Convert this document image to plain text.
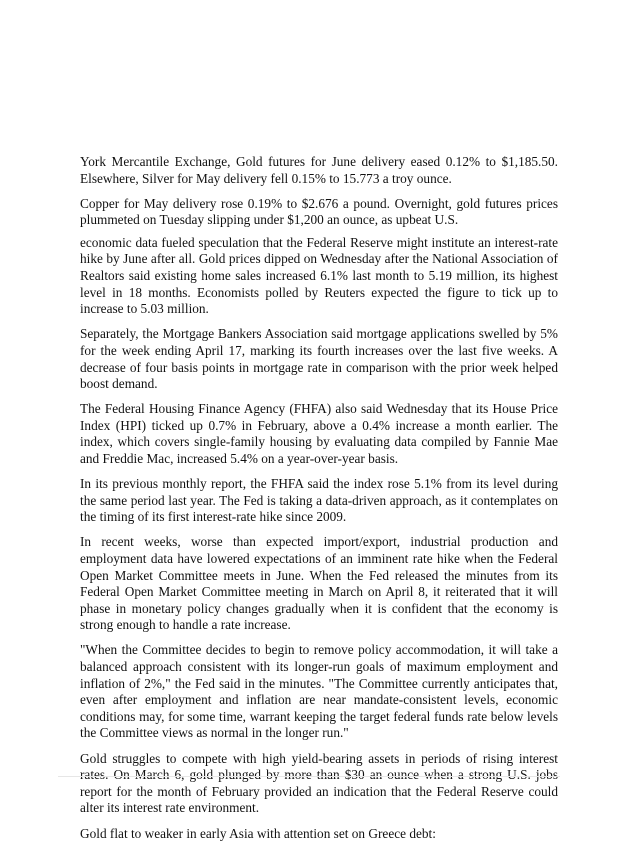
York Mercantile Exchange, Gold futures for June delivery eased 0.12% to $1,185.50. Elsewhere, Silver for May delivery fell 0.15% to 15.773 a troy ounce.

Copper for May delivery rose 0.19% to $2.676 a pound. Overnight, gold futures prices plummeted on Tuesday slipping under $1,200 an ounce, as upbeat U.S.

economic data fueled speculation that the Federal Reserve might institute an interest-rate hike by June after all. Gold prices dipped on Wednesday after the National Association of Realtors said existing home sales increased 6.1% last month to 5.19 million, its highest level in 18 months. Economists polled by Reuters expected the figure to tick up to increase to 5.03 million.

Separately, the Mortgage Bankers Association said mortgage applications swelled by 5% for the week ending April 17, marking its fourth increases over the last five weeks. A decrease of four basis points in mortgage rate in comparison with the prior week helped boost demand.

The Federal Housing Finance Agency (FHFA) also said Wednesday that its House Price Index (HPI) ticked up 0.7% in February, above a 0.4% increase a month earlier. The index, which covers single-family housing by evaluating data compiled by Fannie Mae and Freddie Mac, increased 5.4% on a year-over-year basis.

In its previous monthly report, the FHFA said the index rose 5.1% from its level during the same period last year. The Fed is taking a data-driven approach, as it contemplates on the timing of its first interest-rate hike since 2009.

In recent weeks, worse than expected import/export, industrial production and employment data have lowered expectations of an imminent rate hike when the Federal Open Market Committee meets in June. When the Fed released the minutes from its Federal Open Market Committee meeting in March on April 8, it reiterated that it will phase in monetary policy changes gradually when it is confident that the economy is strong enough to handle a rate increase.

"When the Committee decides to begin to remove policy accommodation, it will take a balanced approach consistent with its longer-run goals of maximum employment and inflation of 2%," the Fed said in the minutes. "The Committee currently anticipates that, even after employment and inflation are near mandate-consistent levels, economic conditions may, for some time, warrant keeping the target federal funds rate below levels the Committee views as normal in the longer run."

Gold struggles to compete with high yield-bearing assets in periods of rising interest rates. On March 6, gold plunged by more than $30 an ounce when a strong U.S. jobs report for the month of February provided an indication that the Federal Reserve could alter its interest rate environment.

Gold flat to weaker in early Asia with attention set on Greece debt:
